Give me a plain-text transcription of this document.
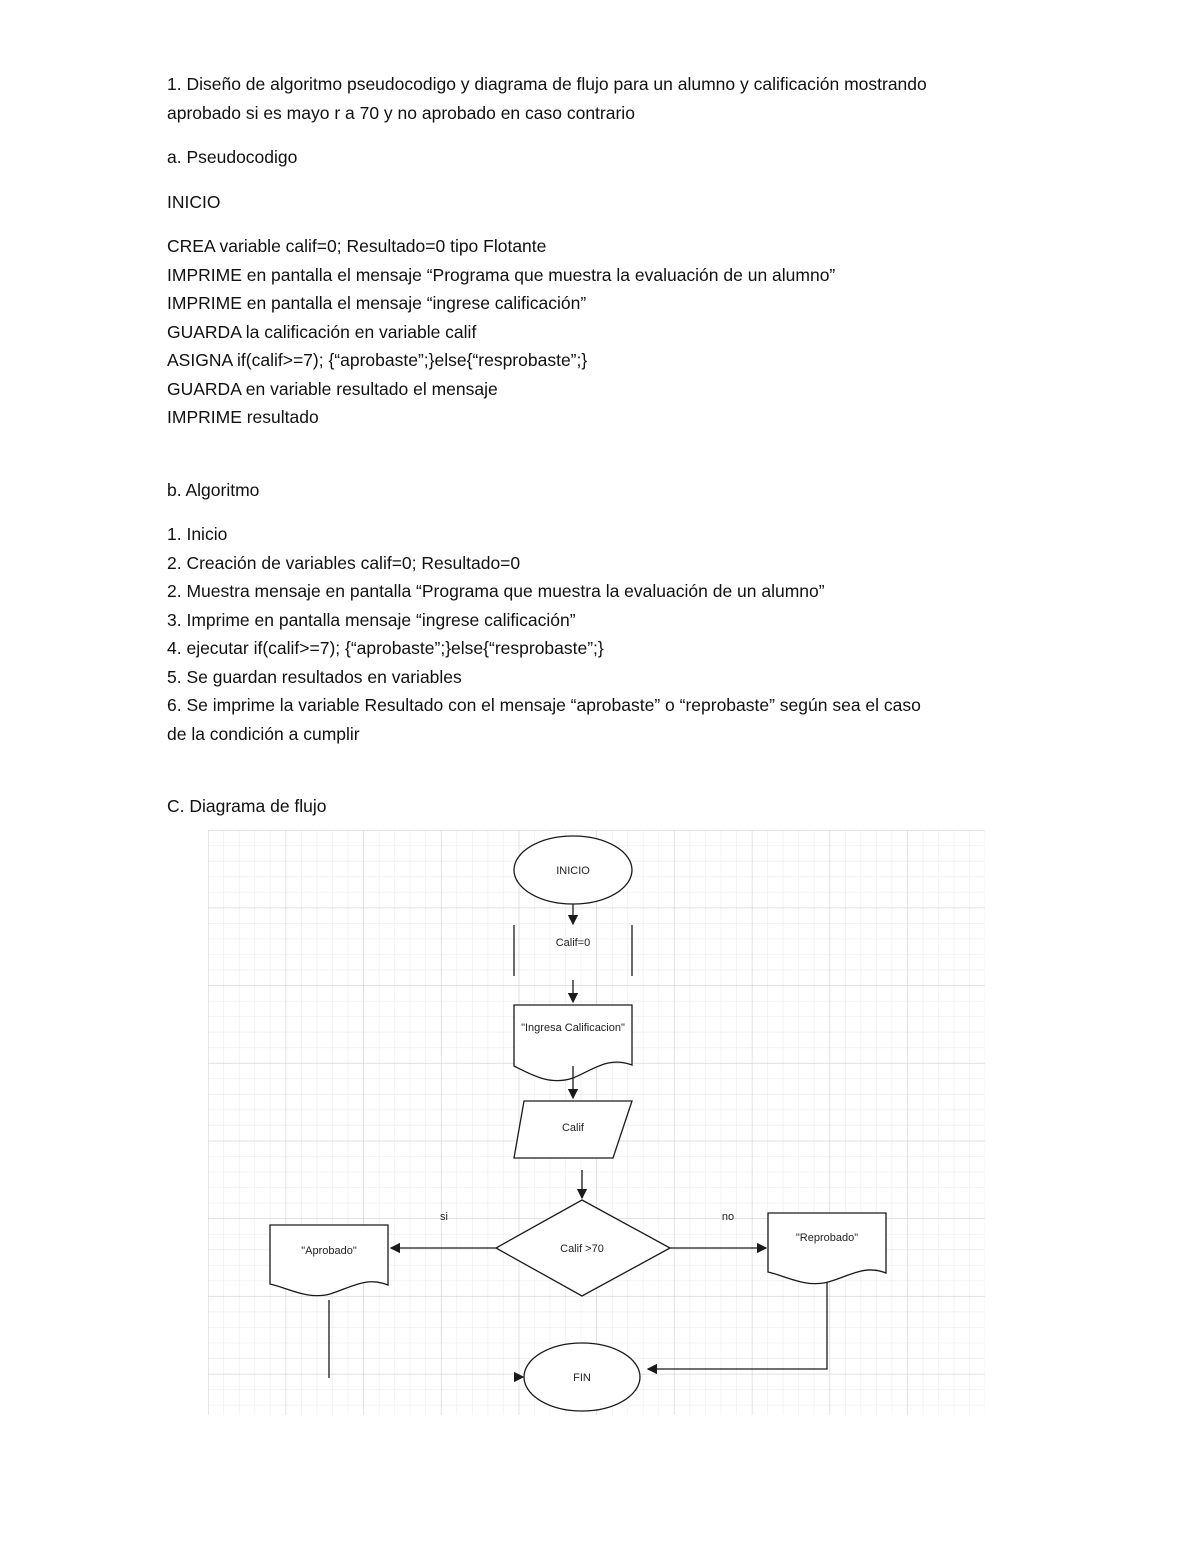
1. Diseño de algoritmo pseudocodigo y diagrama de flujo para un alumno y calificación mostrando

aprobado si es mayo r a 70 y no aprobado en caso contrario

a. Pseudocodigo

INICIO

CREA variable calif=0; Resultado=0 tipo Flotante

IMPRIME en pantalla el mensaje “Programa que muestra la evaluación de un alumno”

IMPRIME en pantalla el mensaje “ingrese calificación”

GUARDA la calificación en variable calif

ASIGNA if(calif>=7); {“aprobaste”;}else{“resprobaste”;}

GUARDA en variable resultado el mensaje

IMPRIME resultado

b. Algoritmo

1. Inicio

2. Creación de variables calif=0; Resultado=0

2. Muestra mensaje en pantalla “Programa que muestra la evaluación de un alumno”

3. Imprime en pantalla mensaje “ingrese calificación”

4. ejecutar if(calif>=7); {“aprobaste”;}else{“resprobaste”;}

5. Se guardan resultados en variables

6. Se imprime la variable Resultado con el mensaje “aprobaste” o “reprobaste” según sea el caso

de la condición a cumplir

C. Diagrama de flujo

INICIO
Calif=0
"Ingresa Calificacion"
Calif
Calif >70
si	no
"Aprobado"
"Reprobado"
FIN
